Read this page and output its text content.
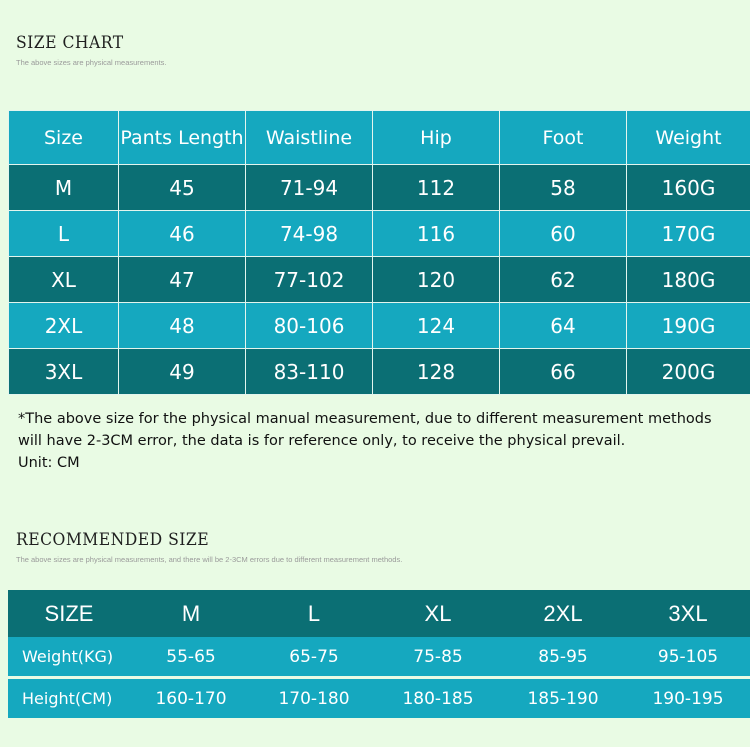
SIZE CHART
The above sizes are physical measurements.
Size	Pants Length	Waistline	Hip	Foot	Weight
M	45	71-94	112	58	160G
L	46	74-98	116	60	170G
XL	47	77-102	120	62	180G
2XL	48	80-106	124	64	190G
3XL	49	83-110	128	66	200G
*The above size for the physical manual measurement, due to different measurement methods
will have 2-3CM error, the data is for reference only, to receive the physical prevail.
Unit: CM
RECOMMENDED SIZE
The above sizes are physical measurements, and there will be 2-3CM errors due to different measurement methods.
SIZE	M	L	XL	2XL	3XL
Weight(KG)	55-65	65-75	75-85	85-95	95-105

Height(CM)	160-170	170-180	180-185	185-190	190-195
